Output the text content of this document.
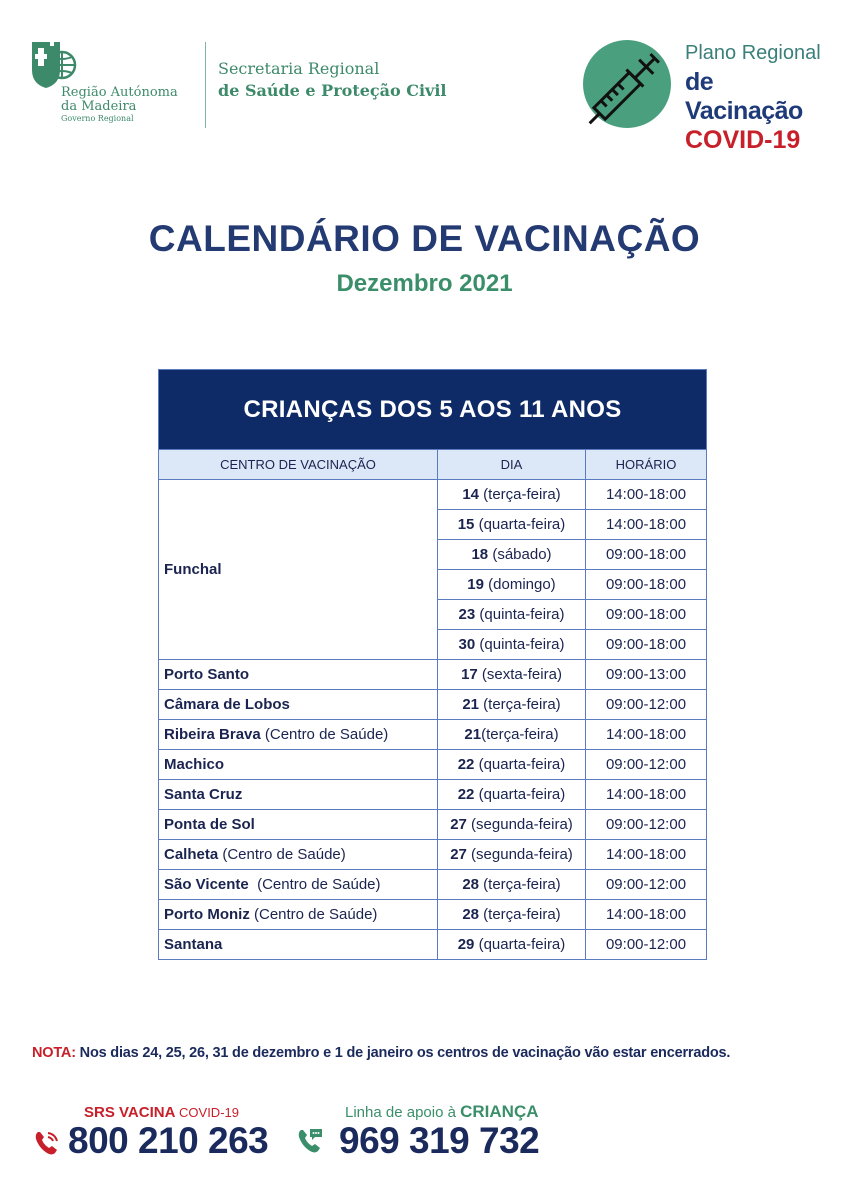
Região Autónoma
da Madeira
Governo Regional
Secretaria Regional
de Saúde e Proteção Civil
Plano Regional
de Vacinação
COVID-19
CALENDÁRIO DE VACINAÇÃO
Dezembro 2021
CRIANÇAS DOS 5 AOS 11 ANOS		
CENTRO DE VACINAÇÃO	DIA	HORÁRIO
Funchal	14 (terça-feira)	14:00-18:00
	15 (quarta-feira)	14:00-18:00
	18 (sábado)	09:00-18:00
	19 (domingo)	09:00-18:00
	23 (quinta-feira)	09:00-18:00
	30 (quinta-feira)	09:00-18:00
Porto Santo	17 (sexta-feira)	09:00-13:00
Câmara de Lobos	21 (terça-feira)	09:00-12:00
Ribeira Brava (Centro de Saúde)	21(terça-feira)	14:00-18:00
Machico	22 (quarta-feira)	09:00-12:00
Santa Cruz	22 (quarta-feira)	14:00-18:00
Ponta de Sol	27 (segunda-feira)	09:00-12:00
Calheta (Centro de Saúde)	27 (segunda-feira)	14:00-18:00
São Vicente  (Centro de Saúde)	28 (terça-feira)	09:00-12:00
Porto Moniz (Centro de Saúde)	28 (terça-feira)	14:00-18:00
Santana	29 (quarta-feira)	09:00-12:00
NOTA: Nos dias 24, 25, 26, 31 de dezembro e 1 de janeiro os centros de vacinação vão estar encerrados.
SRS VACINA COVID-19
800 210 263
Linha de apoio à CRIANÇA
969 319 732
